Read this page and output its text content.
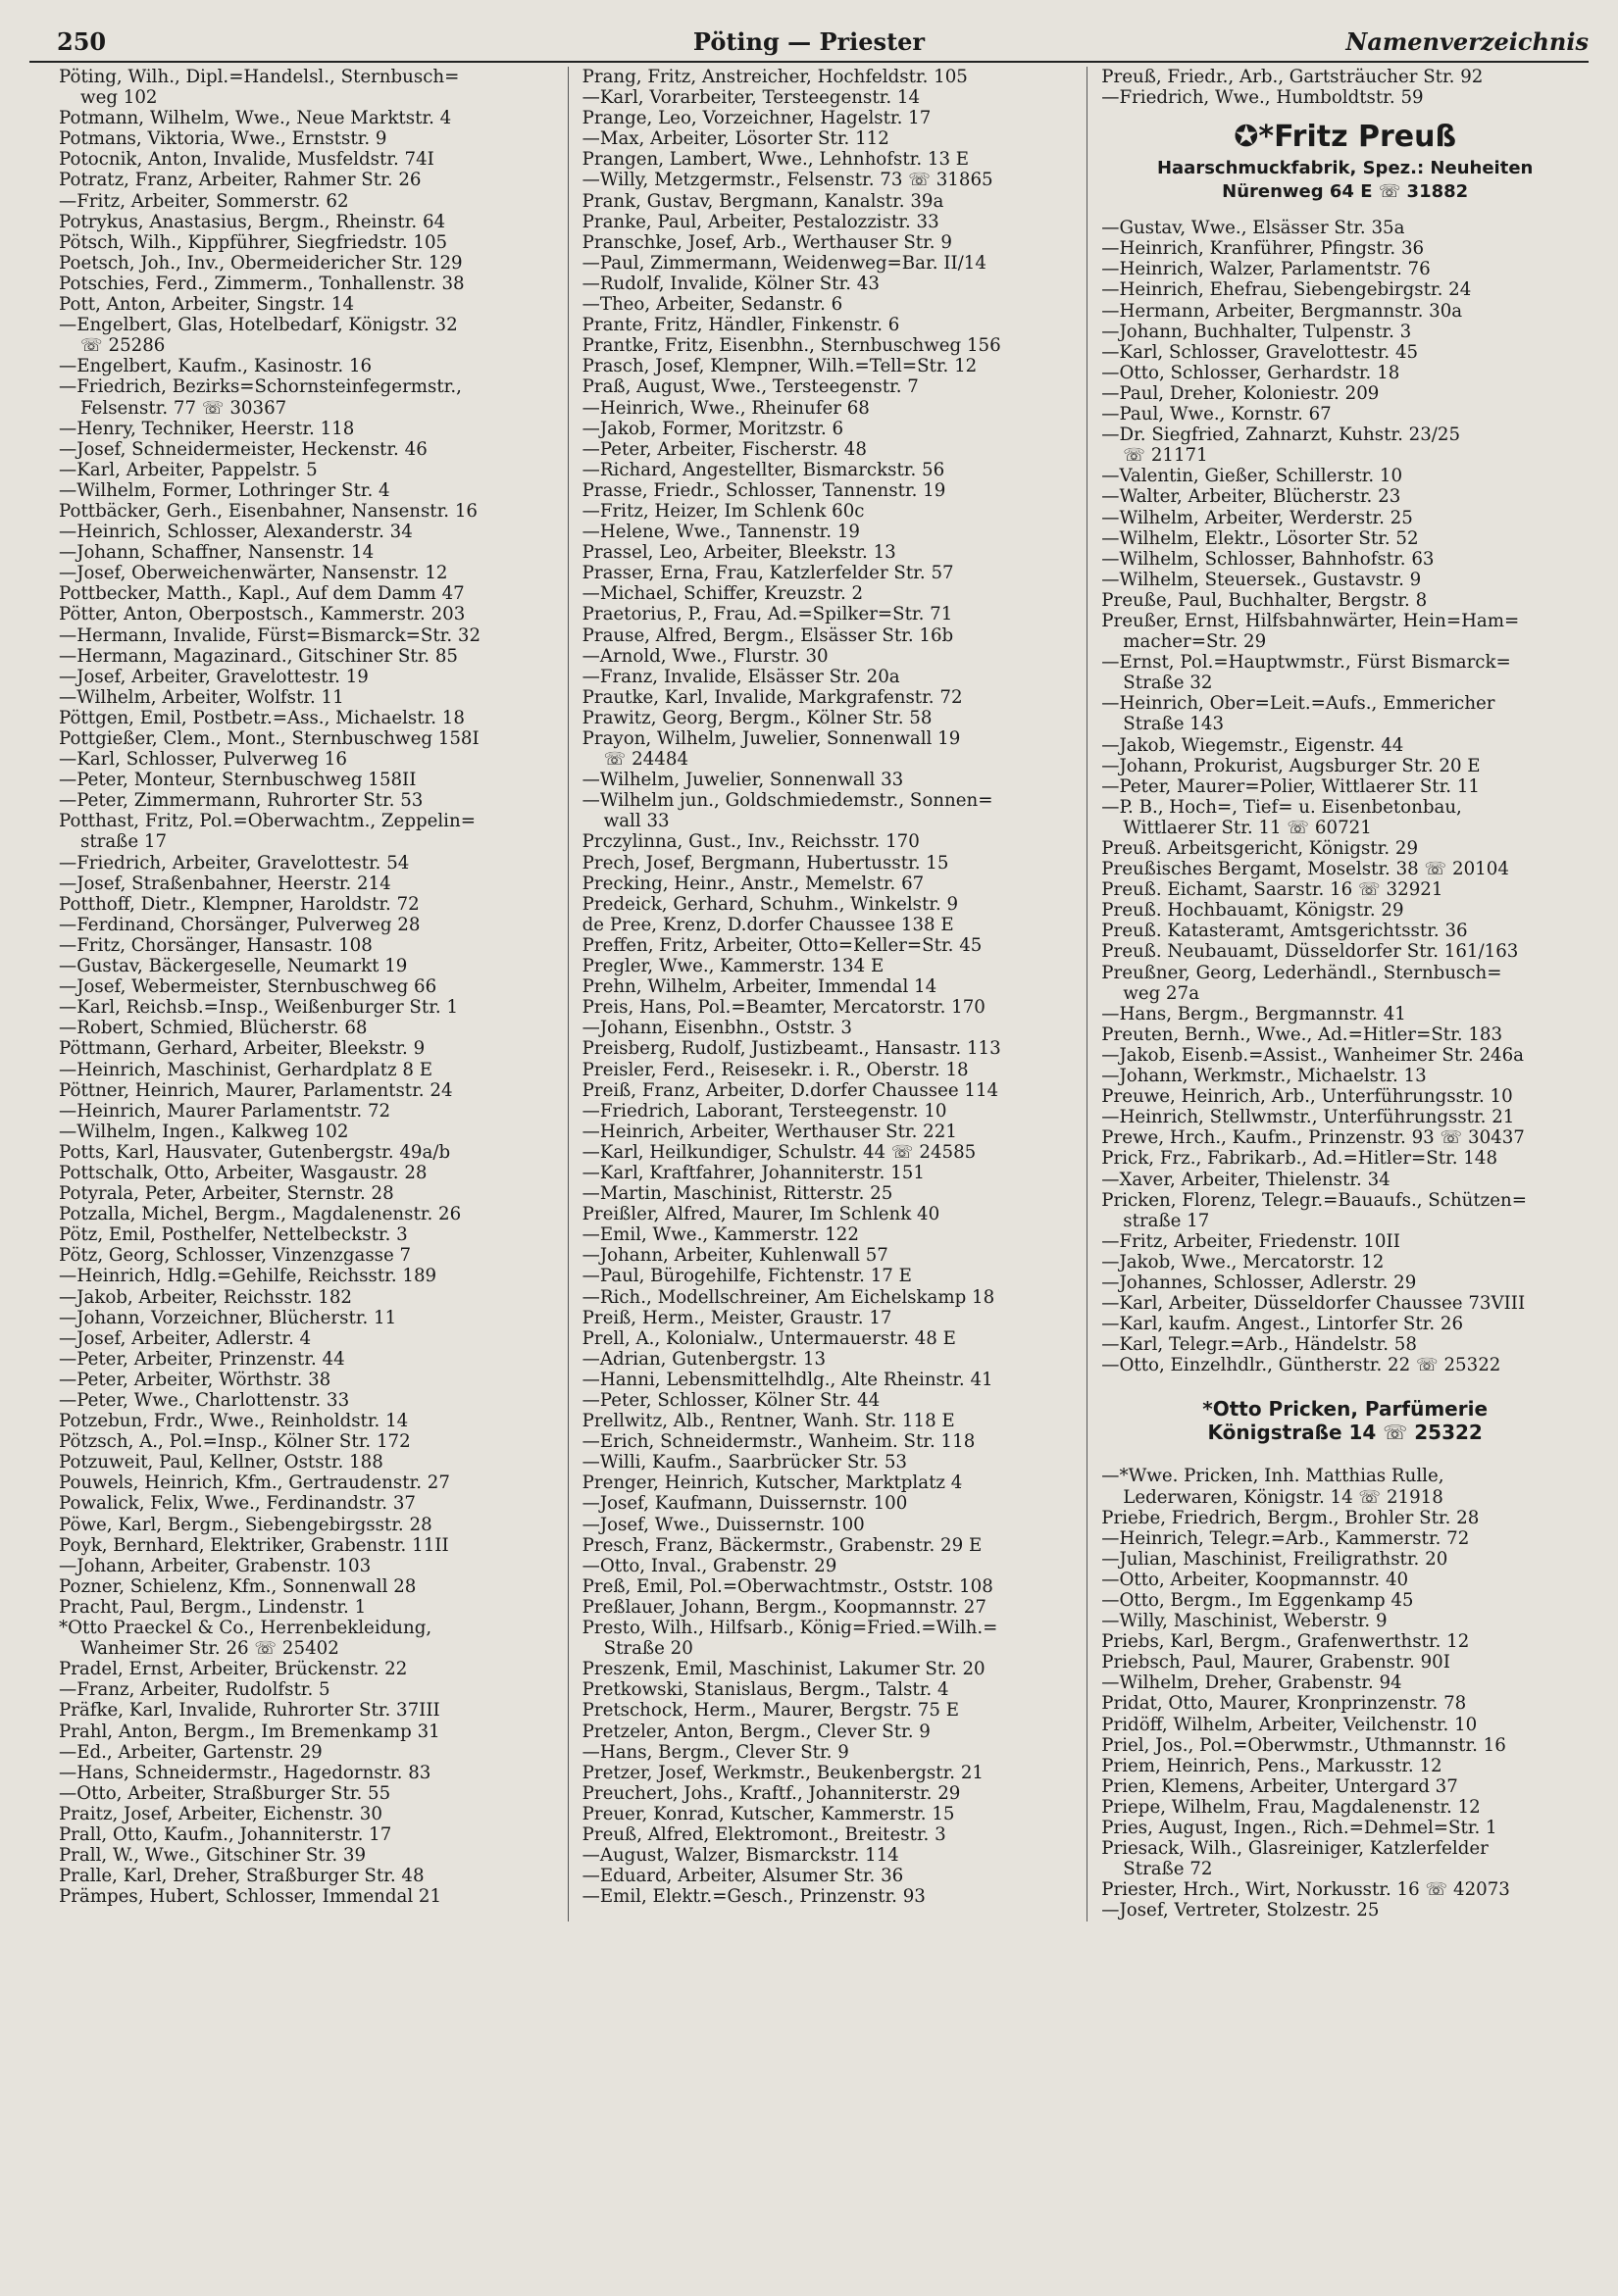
250	Pöting — Priester	Namenverzeichnis
Pöting, Wilh., Dipl.=Handelsl., Sternbusch=
weg 102
Potmann, Wilhelm, Wwe., Neue Marktstr. 4
Potmans, Viktoria, Wwe., Ernststr. 9
Potocnik, Anton, Invalide, Musfeldstr. 74I
Potratz, Franz, Arbeiter, Rahmer Str. 26
—Fritz, Arbeiter, Sommerstr. 62
Potrykus, Anastasius, Bergm., Rheinstr. 64
Pötsch, Wilh., Kippführer, Siegfriedstr. 105
Poetsch, Joh., Inv., Obermeidericher Str. 129
Potschies, Ferd., Zimmerm., Tonhallenstr. 38
Pott, Anton, Arbeiter, Singstr. 14
—Engelbert, Glas, Hotelbedarf, Königstr. 32
☏ 25286
—Engelbert, Kaufm., Kasinostr. 16
—Friedrich, Bezirks=Schornsteinfegermstr.,
Felsenstr. 77 ☏ 30367
—Henry, Techniker, Heerstr. 118
—Josef, Schneidermeister, Heckenstr. 46
—Karl, Arbeiter, Pappelstr. 5
—Wilhelm, Former, Lothringer Str. 4
Pottbäcker, Gerh., Eisenbahner, Nansenstr. 16
—Heinrich, Schlosser, Alexanderstr. 34
—Johann, Schaffner, Nansenstr. 14
—Josef, Oberweichenwärter, Nansenstr. 12
Pottbecker, Matth., Kapl., Auf dem Damm 47
Pötter, Anton, Oberpostsch., Kammerstr. 203
—Hermann, Invalide, Fürst=Bismarck=Str. 32
—Hermann, Magazinard., Gitschiner Str. 85
—Josef, Arbeiter, Gravelottestr. 19
—Wilhelm, Arbeiter, Wolfstr. 11
Pöttgen, Emil, Postbetr.=Ass., Michaelstr. 18
Pottgießer, Clem., Mont., Sternbuschweg 158I
—Karl, Schlosser, Pulverweg 16
—Peter, Monteur, Sternbuschweg 158II
—Peter, Zimmermann, Ruhrorter Str. 53
Potthast, Fritz, Pol.=Oberwachtm., Zeppelin=
straße 17
—Friedrich, Arbeiter, Gravelottestr. 54
—Josef, Straßenbahner, Heerstr. 214
Potthoff, Dietr., Klempner, Haroldstr. 72
—Ferdinand, Chorsänger, Pulverweg 28
—Fritz, Chorsänger, Hansastr. 108
—Gustav, Bäckergeselle, Neumarkt 19
—Josef, Webermeister, Sternbuschweg 66
—Karl, Reichsb.=Insp., Weißenburger Str. 1
—Robert, Schmied, Blücherstr. 68
Pöttmann, Gerhard, Arbeiter, Bleekstr. 9
—Heinrich, Maschinist, Gerhardplatz 8 E
Pöttner, Heinrich, Maurer, Parlamentstr. 24
—Heinrich, Maurer Parlamentstr. 72
—Wilhelm, Ingen., Kalkweg 102
Potts, Karl, Hausvater, Gutenbergstr. 49a/b
Pottschalk, Otto, Arbeiter, Wasgaustr. 28
Potyrala, Peter, Arbeiter, Sternstr. 28
Potzalla, Michel, Bergm., Magdalenenstr. 26
Pötz, Emil, Posthelfer, Nettelbeckstr. 3
Pötz, Georg, Schlosser, Vinzenzgasse 7
—Heinrich, Hdlg.=Gehilfe, Reichsstr. 189
—Jakob, Arbeiter, Reichsstr. 182
—Johann, Vorzeichner, Blücherstr. 11
—Josef, Arbeiter, Adlerstr. 4
—Peter, Arbeiter, Prinzenstr. 44
—Peter, Arbeiter, Wörthstr. 38
—Peter, Wwe., Charlottenstr. 33
Potzebun, Frdr., Wwe., Reinholdstr. 14
Pötzsch, A., Pol.=Insp., Kölner Str. 172
Potzuweit, Paul, Kellner, Oststr. 188
Pouwels, Heinrich, Kfm., Gertraudenstr. 27
Powalick, Felix, Wwe., Ferdinandstr. 37
Pöwe, Karl, Bergm., Siebengebirgsstr. 28
Poyk, Bernhard, Elektriker, Grabenstr. 11II
—Johann, Arbeiter, Grabenstr. 103
Pozner, Schielenz, Kfm., Sonnenwall 28
Pracht, Paul, Bergm., Lindenstr. 1
*Otto Praeckel & Co., Herrenbekleidung,
Wanheimer Str. 26 ☏ 25402
Pradel, Ernst, Arbeiter, Brückenstr. 22
—Franz, Arbeiter, Rudolfstr. 5
Präfke, Karl, Invalide, Ruhrorter Str. 37III
Prahl, Anton, Bergm., Im Bremenkamp 31
—Ed., Arbeiter, Gartenstr. 29
—Hans, Schneidermstr., Hagedornstr. 83
—Otto, Arbeiter, Straßburger Str. 55
Praitz, Josef, Arbeiter, Eichenstr. 30
Prall, Otto, Kaufm., Johanniterstr. 17
Prall, W., Wwe., Gitschiner Str. 39
Pralle, Karl, Dreher, Straßburger Str. 48
Prämpes, Hubert, Schlosser, Immendal 21
Prang, Fritz, Anstreicher, Hochfeldstr. 105
—Karl, Vorarbeiter, Tersteegenstr. 14
Prange, Leo, Vorzeichner, Hagelstr. 17
—Max, Arbeiter, Lösorter Str. 112
Prangen, Lambert, Wwe., Lehnhofstr. 13 E
—Willy, Metzgermstr., Felsenstr. 73 ☏ 31865
Prank, Gustav, Bergmann, Kanalstr. 39a
Pranke, Paul, Arbeiter, Pestalozzistr. 33
Pranschke, Josef, Arb., Werthauser Str. 9
—Paul, Zimmermann, Weidenweg=Bar. II/14
—Rudolf, Invalide, Kölner Str. 43
—Theo, Arbeiter, Sedanstr. 6
Prante, Fritz, Händler, Finkenstr. 6
Prantke, Fritz, Eisenbhn., Sternbuschweg 156
Prasch, Josef, Klempner, Wilh.=Tell=Str. 12
Praß, August, Wwe., Tersteegenstr. 7
—Heinrich, Wwe., Rheinufer 68
—Jakob, Former, Moritzstr. 6
—Peter, Arbeiter, Fischerstr. 48
—Richard, Angestellter, Bismarckstr. 56
Prasse, Friedr., Schlosser, Tannenstr. 19
—Fritz, Heizer, Im Schlenk 60c
—Helene, Wwe., Tannenstr. 19
Prassel, Leo, Arbeiter, Bleekstr. 13
Prasser, Erna, Frau, Katzlerfelder Str. 57
—Michael, Schiffer, Kreuzstr. 2
Praetorius, P., Frau, Ad.=Spilker=Str. 71
Prause, Alfred, Bergm., Elsässer Str. 16b
—Arnold, Wwe., Flurstr. 30
—Franz, Invalide, Elsässer Str. 20a
Prautke, Karl, Invalide, Markgrafenstr. 72
Prawitz, Georg, Bergm., Kölner Str. 58
Prayon, Wilhelm, Juwelier, Sonnenwall 19
☏ 24484
—Wilhelm, Juwelier, Sonnenwall 33
—Wilhelm jun., Goldschmiedemstr., Sonnen=
wall 33
Prczylinna, Gust., Inv., Reichsstr. 170
Prech, Josef, Bergmann, Hubertusstr. 15
Precking, Heinr., Anstr., Memelstr. 67
Predeick, Gerhard, Schuhm., Winkelstr. 9
de Pree, Krenz, D.dorfer Chaussee 138 E
Preffen, Fritz, Arbeiter, Otto=Keller=Str. 45
Pregler, Wwe., Kammerstr. 134 E
Prehn, Wilhelm, Arbeiter, Immendal 14
Preis, Hans, Pol.=Beamter, Mercatorstr. 170
—Johann, Eisenbhn., Oststr. 3
Preisberg, Rudolf, Justizbeamt., Hansastr. 113
Preisler, Ferd., Reisesekr. i. R., Oberstr. 18
Preiß, Franz, Arbeiter, D.dorfer Chaussee 114
—Friedrich, Laborant, Tersteegenstr. 10
—Heinrich, Arbeiter, Werthauser Str. 221
—Karl, Heilkundiger, Schulstr. 44 ☏ 24585
—Karl, Kraftfahrer, Johanniterstr. 151
—Martin, Maschinist, Ritterstr. 25
Preißler, Alfred, Maurer, Im Schlenk 40
—Emil, Wwe., Kammerstr. 122
—Johann, Arbeiter, Kuhlenwall 57
—Paul, Bürogehilfe, Fichtenstr. 17 E
—Rich., Modellschreiner, Am Eichelskamp 18
Preiß, Herm., Meister, Graustr. 17
Prell, A., Kolonialw., Untermauerstr. 48 E
—Adrian, Gutenbergstr. 13
—Hanni, Lebensmittelhdlg., Alte Rheinstr. 41
—Peter, Schlosser, Kölner Str. 44
Prellwitz, Alb., Rentner, Wanh. Str. 118 E
—Erich, Schneidermstr., Wanheim. Str. 118
—Willi, Kaufm., Saarbrücker Str. 53
Prenger, Heinrich, Kutscher, Marktplatz 4
—Josef, Kaufmann, Duissernstr. 100
—Josef, Wwe., Duissernstr. 100
Presch, Franz, Bäckermstr., Grabenstr. 29 E
—Otto, Inval., Grabenstr. 29
Preß, Emil, Pol.=Oberwachtmstr., Oststr. 108
Preßlauer, Johann, Bergm., Koopmannstr. 27
Presto, Wilh., Hilfsarb., König=Fried.=Wilh.=
Straße 20
Preszenk, Emil, Maschinist, Lakumer Str. 20
Pretkowski, Stanislaus, Bergm., Talstr. 4
Pretschock, Herm., Maurer, Bergstr. 75 E
Pretzeler, Anton, Bergm., Clever Str. 9
—Hans, Bergm., Clever Str. 9
Pretzer, Josef, Werkmstr., Beukenbergstr. 21
Preuchert, Johs., Kraftf., Johanniterstr. 29
Preuer, Konrad, Kutscher, Kammerstr. 15
Preuß, Alfred, Elektromont., Breitestr. 3
—August, Walzer, Bismarckstr. 114
—Eduard, Arbeiter, Alsumer Str. 36
—Emil, Elektr.=Gesch., Prinzenstr. 93
Preuß, Friedr., Arb., Gartsträucher Str. 92
—Friedrich, Wwe., Humboldtstr. 59
✪*Fritz Preuß
Haarschmuckfabrik, Spez.: Neuheiten
Nürenweg 64 E ☏ 31882
—Gustav, Wwe., Elsässer Str. 35a
—Heinrich, Kranführer, Pfingstr. 36
—Heinrich, Walzer, Parlamentstr. 76
—Heinrich, Ehefrau, Siebengebirgstr. 24
—Hermann, Arbeiter, Bergmannstr. 30a
—Johann, Buchhalter, Tulpenstr. 3
—Karl, Schlosser, Gravelottestr. 45
—Otto, Schlosser, Gerhardstr. 18
—Paul, Dreher, Koloniestr. 209
—Paul, Wwe., Kornstr. 67
—Dr. Siegfried, Zahnarzt, Kuhstr. 23/25
☏ 21171
—Valentin, Gießer, Schillerstr. 10
—Walter, Arbeiter, Blücherstr. 23
—Wilhelm, Arbeiter, Werderstr. 25
—Wilhelm, Elektr., Lösorter Str. 52
—Wilhelm, Schlosser, Bahnhofstr. 63
—Wilhelm, Steuersek., Gustavstr. 9
Preuße, Paul, Buchhalter, Bergstr. 8
Preußer, Ernst, Hilfsbahnwärter, Hein=Ham=
macher=Str. 29
—Ernst, Pol.=Hauptwmstr., Fürst Bismarck=
Straße 32
—Heinrich, Ober=Leit.=Aufs., Emmericher
Straße 143
—Jakob, Wiegemstr., Eigenstr. 44
—Johann, Prokurist, Augsburger Str. 20 E
—Peter, Maurer=Polier, Wittlaerer Str. 11
—P. B., Hoch=, Tief= u. Eisenbetonbau,
Wittlaerer Str. 11 ☏ 60721
Preuß. Arbeitsgericht, Königstr. 29
Preußisches Bergamt, Moselstr. 38 ☏ 20104
Preuß. Eichamt, Saarstr. 16 ☏ 32921
Preuß. Hochbauamt, Königstr. 29
Preuß. Katasteramt, Amtsgerichtsstr. 36
Preuß. Neubauamt, Düsseldorfer Str. 161/163
Preußner, Georg, Lederhändl., Sternbusch=
weg 27a
—Hans, Bergm., Bergmannstr. 41
Preuten, Bernh., Wwe., Ad.=Hitler=Str. 183
—Jakob, Eisenb.=Assist., Wanheimer Str. 246a
—Johann, Werkmstr., Michaelstr. 13
Preuwe, Heinrich, Arb., Unterführungsstr. 10
—Heinrich, Stellwmstr., Unterführungsstr. 21
Prewe, Hrch., Kaufm., Prinzenstr. 93 ☏ 30437
Prick, Frz., Fabrikarb., Ad.=Hitler=Str. 148
—Xaver, Arbeiter, Thielenstr. 34
Pricken, Florenz, Telegr.=Bauaufs., Schützen=
straße 17
—Fritz, Arbeiter, Friedenstr. 10II
—Jakob, Wwe., Mercatorstr. 12
—Johannes, Schlosser, Adlerstr. 29
—Karl, Arbeiter, Düsseldorfer Chaussee 73VIII
—Karl, kaufm. Angest., Lintorfer Str. 26
—Karl, Telegr.=Arb., Händelstr. 58
—Otto, Einzelhdlr., Güntherstr. 22 ☏ 25322
*Otto Pricken, Parfümerie
Königstraße 14 ☏ 25322
—*Wwe. Pricken, Inh. Matthias Rulle,
Lederwaren, Königstr. 14 ☏ 21918
Priebe, Friedrich, Bergm., Brohler Str. 28
—Heinrich, Telegr.=Arb., Kammerstr. 72
—Julian, Maschinist, Freiligrathstr. 20
—Otto, Arbeiter, Koopmannstr. 40
—Otto, Bergm., Im Eggenkamp 45
—Willy, Maschinist, Weberstr. 9
Priebs, Karl, Bergm., Grafenwerthstr. 12
Priebsch, Paul, Maurer, Grabenstr. 90I
—Wilhelm, Dreher, Grabenstr. 94
Pridat, Otto, Maurer, Kronprinzenstr. 78
Pridöff, Wilhelm, Arbeiter, Veilchenstr. 10
Priel, Jos., Pol.=Oberwmstr., Uthmannstr. 16
Priem, Heinrich, Pens., Markusstr. 12
Prien, Klemens, Arbeiter, Untergard 37
Priepe, Wilhelm, Frau, Magdalenenstr. 12
Pries, August, Ingen., Rich.=Dehmel=Str. 1
Priesack, Wilh., Glasreiniger, Katzlerfelder
Straße 72
Priester, Hrch., Wirt, Norkusstr. 16 ☏ 42073
—Josef, Vertreter, Stolzestr. 25
